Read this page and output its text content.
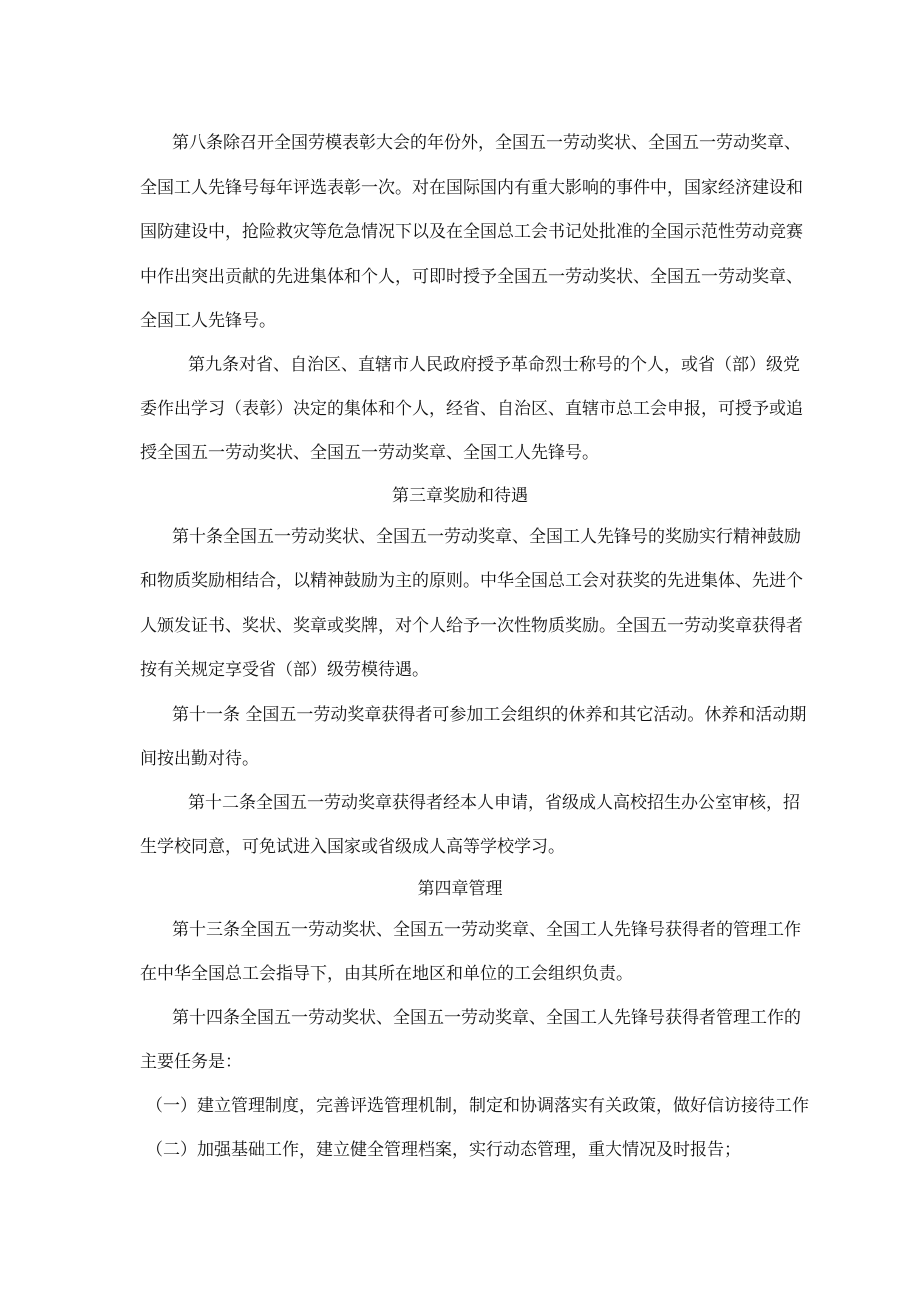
第八条除召开全国劳模表彰大会的年份外，全国五一劳动奖状、全国五一劳动奖章、
全国工人先锋号每年评选表彰一次。对在国际国内有重大影响的事件中，国家经济建设和
国防建设中，抢险救灾等危急情况下以及在全国总工会书记处批准的全国示范性劳动竞赛
中作出突出贡献的先进集体和个人，可即时授予全国五一劳动奖状、全国五一劳动奖章、
全国工人先锋号。
第九条对省、自治区、直辖市人民政府授予革命烈士称号的个人，或省（部）级党
委作出学习（表彰）决定的集体和个人，经省、自治区、直辖市总工会申报，可授予或追
授全国五一劳动奖状、全国五一劳动奖章、全国工人先锋号。
第三章奖励和待遇
第十条全国五一劳动奖状、全国五一劳动奖章、全国工人先锋号的奖励实行精神鼓励
和物质奖励相结合，以精神鼓励为主的原则。中华全国总工会对获奖的先进集体、先进个
人颁发证书、奖状、奖章或奖牌，对个人给予一次性物质奖励。全国五一劳动奖章获得者
按有关规定享受省（部）级劳模待遇。
第十一条 全国五一劳动奖章获得者可参加工会组织的休养和其它活动。休养和活动期
间按出勤对待。
第十二条全国五一劳动奖章获得者经本人申请，省级成人高校招生办公室审核，招
生学校同意，可免试进入国家或省级成人高等学校学习。
第四章管理
第十三条全国五一劳动奖状、全国五一劳动奖章、全国工人先锋号获得者的管理工作
在中华全国总工会指导下，由其所在地区和单位的工会组织负责。
第十四条全国五一劳动奖状、全国五一劳动奖章、全国工人先锋号获得者管理工作的
主要任务是：
（一）建立管理制度，完善评选管理机制，制定和协调落实有关政策，做好信访接待工作
（二）加强基础工作，建立健全管理档案，实行动态管理，重大情况及时报告；
